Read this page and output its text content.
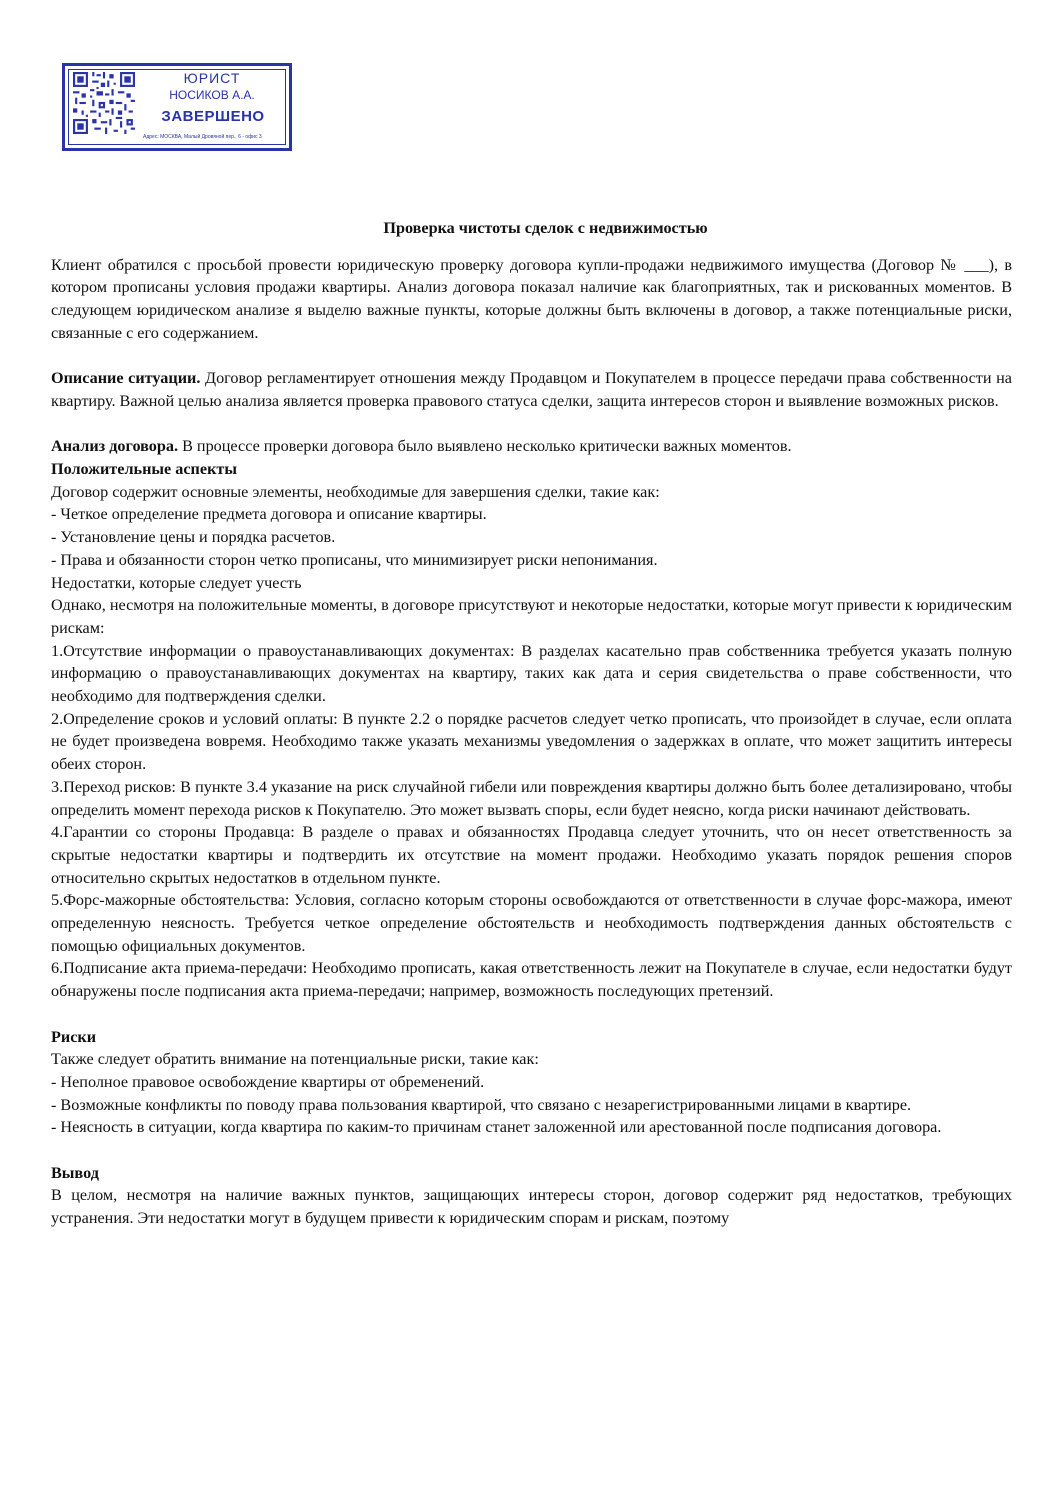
ЮРИСТ
НОСИКОВ А.А.
ЗАВЕРШЕНО
Адрес: МОСКВА, Малый Дровяной пер., 6 - офис 3
Проверка чистоты сделок с недвижимостью

Клиент обратился с просьбой провести юридическую проверку договора купли-продажи недвижимого имущества (Договор № ___), в котором прописаны условия продажи квартиры. Анализ договора показал наличие как благоприятных, так и рискованных моментов. В следующем юридическом анализе я выделю важные пункты, которые должны быть включены в договор, а также потенциальные риски, связанные с его содержанием.

Описание ситуации. Договор регламентирует отношения между Продавцом и Покупателем в процессе передачи права собственности на квартиру. Важной целью анализа является проверка правового статуса сделки, защита интересов сторон и выявление возможных рисков.

Анализ договора. В процессе проверки договора было выявлено несколько критически важных моментов.

Положительные аспекты

Договор содержит основные элементы, необходимые для завершения сделки, такие как:

- Четкое определение предмета договора и описание квартиры.

- Установление цены и порядка расчетов.

- Права и обязанности сторон четко прописаны, что минимизирует риски непонимания.

Недостатки, которые следует учесть

Однако, несмотря на положительные моменты, в договоре присутствуют и некоторые недостатки, которые могут привести к юридическим рискам:

1.Отсутствие информации о правоустанавливающих документах: В разделах касательно прав собственника требуется указать полную информацию о правоустанавливающих документах на квартиру, таких как дата и серия свидетельства о праве собственности, что необходимо для подтверждения сделки.

2.Определение сроков и условий оплаты: В пункте 2.2 о порядке расчетов следует четко прописать, что произойдет в случае, если оплата не будет произведена вовремя. Необходимо также указать механизмы уведомления о задержках в оплате, что может защитить интересы обеих сторон.

3.Переход рисков: В пункте 3.4 указание на риск случайной гибели или повреждения квартиры должно быть более детализировано, чтобы определить момент перехода рисков к Покупателю. Это может вызвать споры, если будет неясно, когда риски начинают действовать.

4.Гарантии со стороны Продавца: В разделе о правах и обязанностях Продавца следует уточнить, что он несет ответственность за скрытые недостатки квартиры и подтвердить их отсутствие на момент продажи. Необходимо указать порядок решения споров относительно скрытых недостатков в отдельном пункте.

5.Форс-мажорные обстоятельства: Условия, согласно которым стороны освобождаются от ответственности в случае форс-мажора, имеют определенную неясность. Требуется четкое определение обстоятельств и необходимость подтверждения данных обстоятельств с помощью официальных документов.

6.Подписание акта приема-передачи: Необходимо прописать, какая ответственность лежит на Покупателе в случае, если недостатки будут обнаружены после подписания акта приема-передачи; например, возможность последующих претензий.

Риски

Также следует обратить внимание на потенциальные риски, такие как:

- Неполное правовое освобождение квартиры от обременений.

- Возможные конфликты по поводу права пользования квартирой, что связано с незарегистрированными лицами в квартире.

- Неясность в ситуации, когда квартира по каким-то причинам станет заложенной или арестованной после подписания договора.

Вывод

В целом, несмотря на наличие важных пунктов, защищающих интересы сторон, договор содержит ряд недостатков, требующих устранения. Эти недостатки могут в будущем привести к юридическим спорам и рискам, поэтому
